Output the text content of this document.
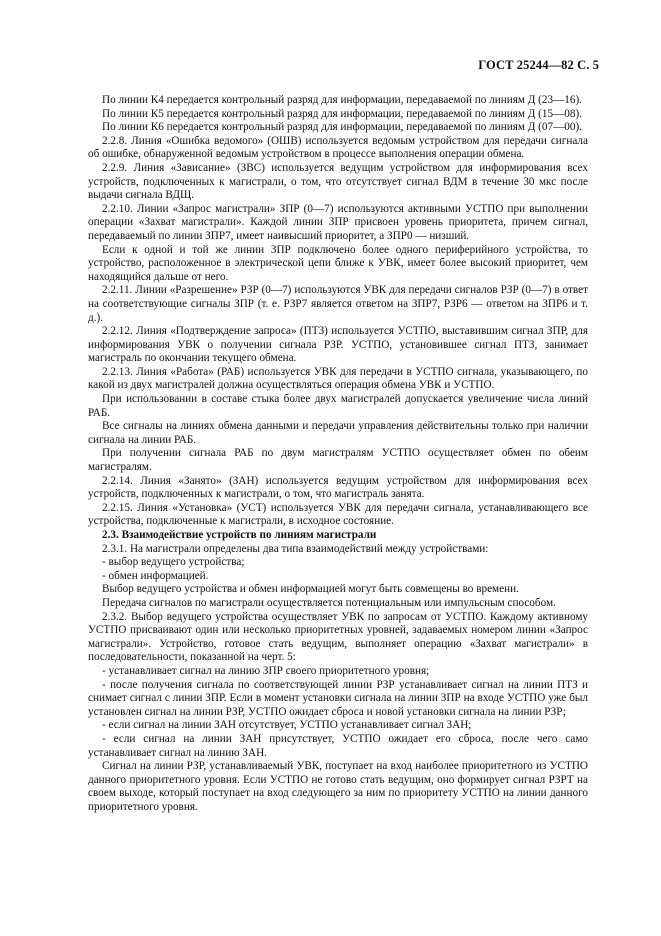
ГОСТ 25244—82 С. 5

По линии К4 передается контрольный разряд для информации, передаваемой по линиям Д (23—16).

По линии К5 передается контрольный разряд для информации, передаваемой по линиям Д (15—08).

По линии К6 передается контрольный разряд для информации, передаваемой по линиям Д (07—00).

2.2.8. Линия «Ошибка ведомого» (ОШВ) используется ведомым устройством для передачи сигнала об ошибке, обнаруженной ведомым устройством в процессе выполнения операции обмена.

2.2.9. Линия «Зависание» (ЗВС) используется ведущим устройством для информирования всех устройств, подключенных к магистрали, о том, что отсутствует сигнал ВДМ в течение 30 мкс после выдачи сигнала ВДЩ.

2.2.10. Линии «Запрос магистрали» ЗПР (0—7) используются активными УСТПО при выполнении операции «Захват магистрали». Каждой линии ЗПР присвоен уровень приоритета, причем сигнал, передаваемый по линии ЗПР7, имеет наивысший приоритет, а ЗПР0 — низший.

Если к одной и той же линии ЗПР подключено более одного периферийного устройства, то устройство, расположенное в электрической цепи ближе к УВК, имеет более высокий приоритет, чем находящийся дальше от него.

2.2.11. Линии «Разрешение» РЗР (0—7) используются УВК для передачи сигналов РЗР (0—7) в ответ на соответствующие сигналы ЗПР (т. е. РЗР7 является ответом на ЗПР7, РЗР6 — ответом на ЗПР6 и т. д.).

2.2.12. Линия «Подтверждение запроса» (ПТЗ) используется УСТПО, выставившим сигнал ЗПР, для информирования УВК о получении сигнала РЗР. УСТПО, установившее сигнал ПТЗ, занимает магистраль по окончании текущего обмена.

2.2.13. Линия «Работа» (РАБ) используется УВК для передачи в УСТПО сигнала, указывающего, по какой из двух магистралей должна осуществляться операция обмена УВК и УСТПО.

При использовании в составе стыка более двух магистралей допускается увеличение числа линий РАБ.

Все сигналы на линиях обмена данными и передачи управления действительны только при наличии сигнала на линии РАБ.

При получении сигнала РАБ по двум магистралям УСТПО осуществляет обмен по обеим магистралям.

2.2.14. Линия «Занято» (ЗАН) используется ведущим устройством для информирования всех устройств, подключенных к магистрали, о том, что магистраль занята.

2.2.15. Линия «Установка» (УСТ) используется УВК для передачи сигнала, устанавливающего все устройства, подключенные к магистрали, в исходное состояние.

2.3. Взаимодействие устройств по линиям магистрали

2.3.1. На магистрали определены два типа взаимодействий между устройствами:

- выбор ведущего устройства;

- обмен информацией.

Выбор ведущего устройства и обмен информацией могут быть совмещены во времени.

Передача сигналов по магистрали осуществляется потенциальным или импульсным способом.

2.3.2. Выбор ведущего устройства осуществляет УВК по запросам от УСТПО. Каждому активному УСТПО присваивают один или несколько приоритетных уровней, задаваемых номером линии «Запрос магистрали». Устройство, готовое стать ведущим, выполняет операцию «Захват магистрали» в последовательности, показанной на черт. 5:

- устанавливает сигнал на линию ЗПР своего приоритетного уровня;

- после получения сигнала по соответствующей линии РЗР устанавливает сигнал на линии ПТЗ и снимает сигнал с линии ЗПР. Если в момент установки сигнала на линии ЗПР на входе УСТПО уже был установлен сигнал на линии РЗР, УСТПО ожидает сброса и новой установки сигнала на линии РЗР;

- если сигнал на линии ЗАН отсутствует, УСТПО устанавливает сигнал ЗАН;

- если сигнал на линии ЗАН присутствует, УСТПО ожидает его сброса, после чего само устанавливает сигнал на линию ЗАН.

Сигнал на линии РЗР, устанавливаемый УВК, поступает на вход наиболее приоритетного из УСТПО данного приоритетного уровня. Если УСТПО не готово стать ведущим, оно формирует сигнал РЗРТ на своем выходе, который поступает на вход следующего за ним по приоритету УСТПО на линии данного приоритетного уровня.
